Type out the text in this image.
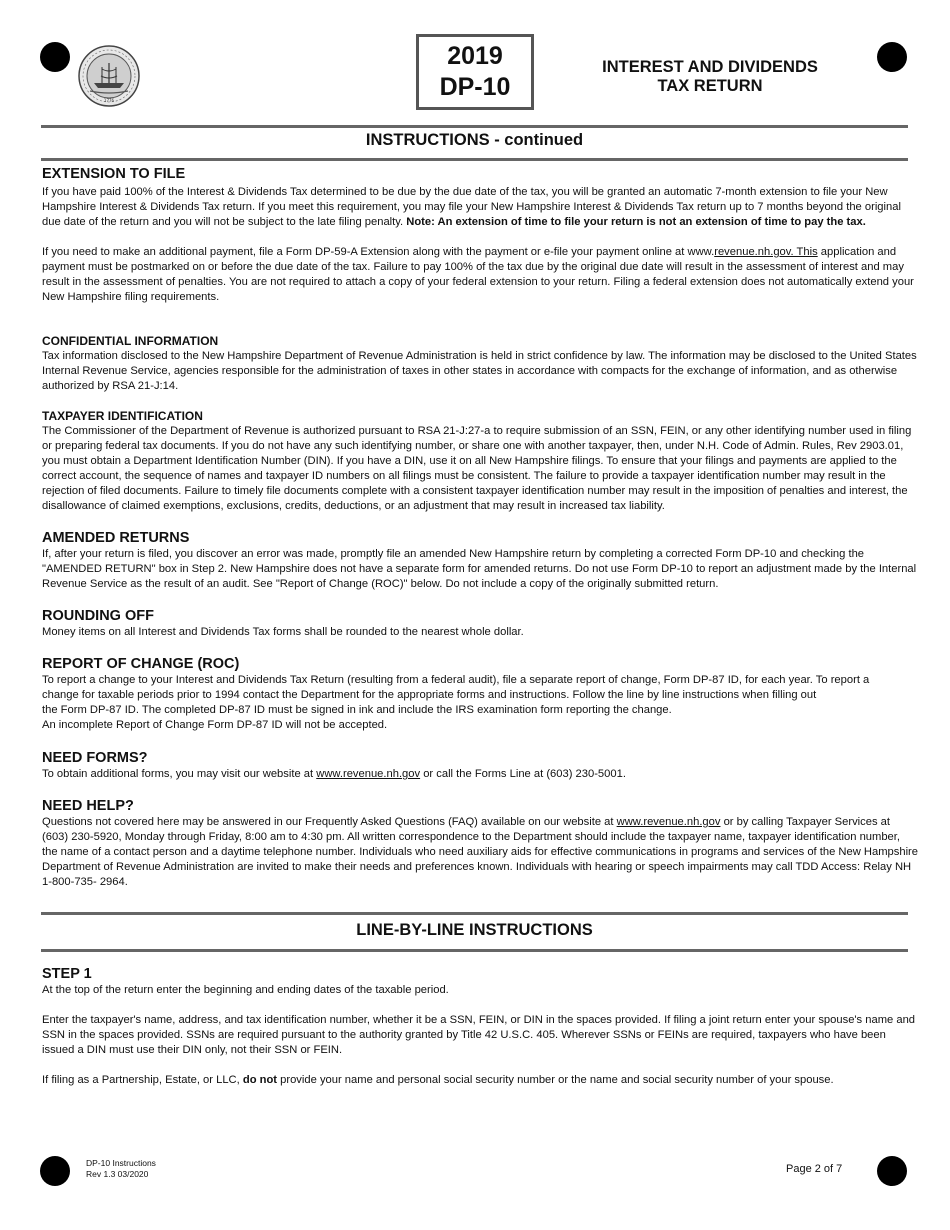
1776
2019
DP-10
INTEREST AND DIVIDENDS
TAX RETURN
INSTRUCTIONS - continued

EXTENSION TO FILE

If you have paid 100% of the Interest & Dividends Tax determined to be due by the due date of the tax, you will be granted an automatic 7-month extension to file your New Hampshire Interest & Dividends Tax return. If you meet this requirement, you may file your New Hampshire Interest & Dividends Tax return up to 7 months beyond the original due date of the return and you will not be subject to the late filing penalty. Note: An extension of time to file your return is not an extension of time to pay the tax.

If you need to make an additional payment, file a Form DP-59-A Extension along with the payment or e-file your payment online at www.revenue.nh.gov. This application and payment must be postmarked on or before the due date of the tax. Failure to pay 100% of the tax due by the original due date will result in the assessment of interest and may result in the assessment of penalties. You are not required to attach a copy of your federal extension to your return. Filing a federal extension does not automatically extend your New Hampshire filing requirements.

CONFIDENTIAL INFORMATION

Tax information disclosed to the New Hampshire Department of Revenue Administration is held in strict confidence by law. The information may be disclosed to the United States Internal Revenue Service, agencies responsible for the administration of taxes in other states in accordance with compacts for the exchange of information, and as otherwise authorized by RSA 21-J:14.

TAXPAYER IDENTIFICATION

The Commissioner of the Department of Revenue is authorized pursuant to RSA 21-J:27-a to require submission of an SSN, FEIN, or any other identifying number used in filing or preparing federal tax documents. If you do not have any such identifying number, or share one with another taxpayer, then, under N.H. Code of Admin. Rules, Rev 2903.01, you must obtain a Department Identification Number (DIN). If you have a DIN, use it on all New Hampshire filings. To ensure that your filings and payments are applied to the correct account, the sequence of names and taxpayer ID numbers on all filings must be consistent. The failure to provide a taxpayer identification number may result in the rejection of filed documents. Failure to timely file documents complete with a consistent taxpayer identification number may result in the imposition of penalties and interest, the disallowance of claimed exemptions, exclusions, credits, deductions, or an adjustment that may result in increased tax liability.

AMENDED RETURNS

If, after your return is filed, you discover an error was made, promptly file an amended New Hampshire return by completing a corrected Form DP-10 and checking the "AMENDED RETURN" box in Step 2. New Hampshire does not have a separate form for amended returns. Do not use Form DP-10 to report an adjustment made by the Internal Revenue Service as the result of an audit. See "Report of Change (ROC)" below. Do not include a copy of the originally submitted return.

ROUNDING OFF

Money items on all Interest and Dividends Tax forms shall be rounded to the nearest whole dollar.

REPORT OF CHANGE (ROC)

To report a change to your Interest and Dividends Tax Return (resulting from a federal audit), file a separate report of change, Form DP-87 ID, for each year. To report a

change for taxable periods prior to 1994 contact the Department for the appropriate forms and instructions. Follow the line by line instructions when filling out

the Form DP-87 ID. The completed DP-87 ID must be signed in ink and include the IRS examination form reporting the change.

An incomplete Report of Change Form DP-87 ID will not be accepted.

NEED FORMS?

To obtain additional forms, you may visit our website at www.revenue.nh.gov or call the Forms Line at (603) 230-5001.

NEED HELP?

Questions not covered here may be answered in our Frequently Asked Questions (FAQ) available on our website at www.revenue.nh.gov or by calling Taxpayer Services at (603) 230-5920, Monday through Friday, 8:00 am to 4:30 pm. All written correspondence to the Department should include the taxpayer name, taxpayer identification number, the name of a contact person and a daytime telephone number. Individuals who need auxiliary aids for effective communications in programs and services of the New Hampshire Department of Revenue Administration are invited to make their needs and preferences known. Individuals with hearing or speech impairments may call TDD Access: Relay NH 1-800-735- 2964.

LINE-BY-LINE INSTRUCTIONS

STEP 1

At the top of the return enter the beginning and ending dates of the taxable period.

Enter the taxpayer's name, address, and tax identification number, whether it be a SSN, FEIN, or DIN in the spaces provided. If filing a joint return enter your spouse's name and SSN in the spaces provided. SSNs are required pursuant to the authority granted by Title 42 U.S.C. 405. Wherever SSNs or FEINs are required, taxpayers who have been issued a DIN must use their DIN only, not their SSN or FEIN.

If filing as a Partnership, Estate, or LLC, do not provide your name and personal social security number or the name and social security number of your spouse.

DP-10 Instructions
Rev 1.3 03/2020	Page 2 of 7
